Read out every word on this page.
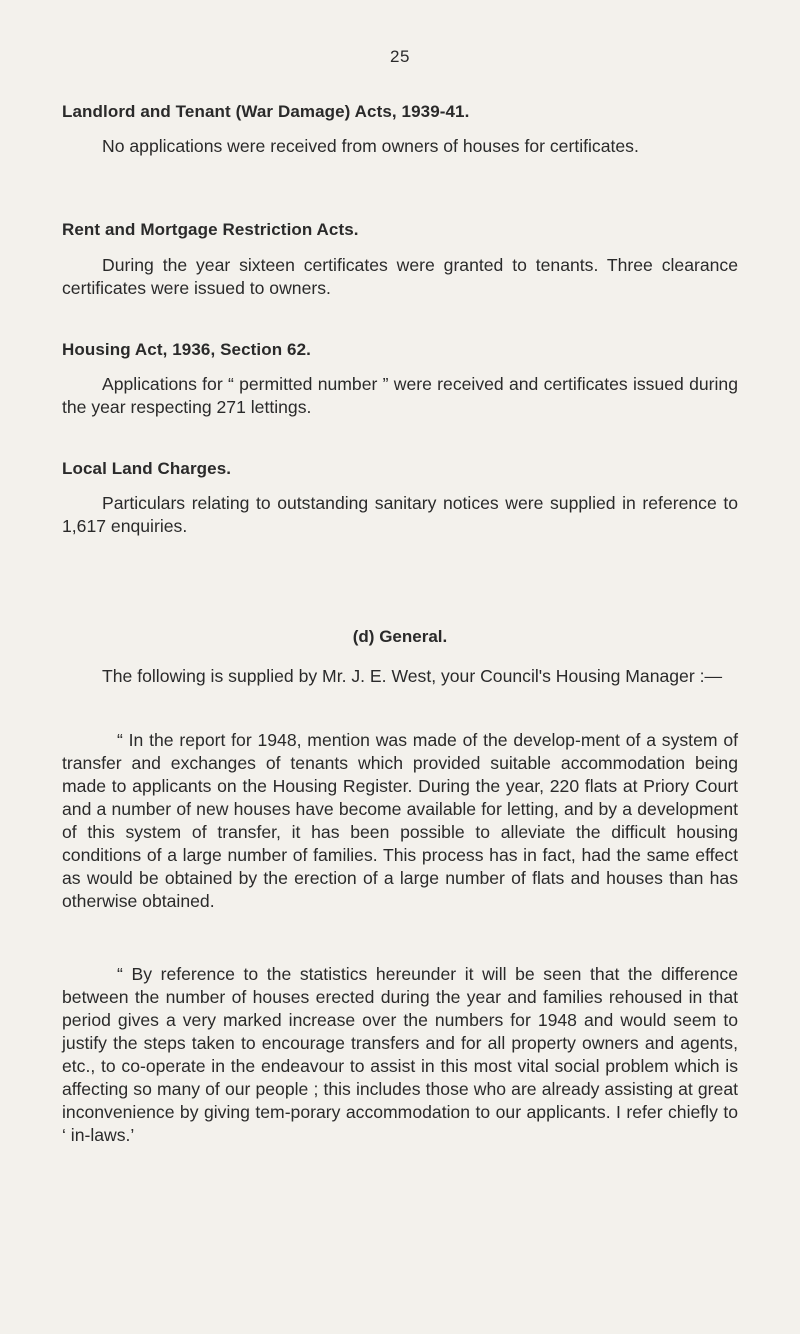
25
Landlord and Tenant (War Damage) Acts, 1939-41.

No applications were received from owners of houses for certificates.

Rent and Mortgage Restriction Acts.

During the year sixteen certificates were granted to tenants. Three clearance certificates were issued to owners.

Housing Act, 1936, Section 62.

Applications for “ permitted number ” were received and certificates issued during the year respecting 271 lettings.

Local Land Charges.

Particulars relating to outstanding sanitary notices were supplied in reference to 1,617 enquiries.

(d) General.

The following is supplied by Mr. J. E. West, your Council's Housing Manager :—

“ In the report for 1948, mention was made of the develop-ment of a system of transfer and exchanges of tenants which provided suitable accommodation being made to applicants on the Housing Register. During the year, 220 flats at Priory Court and a number of new houses have become available for letting, and by a development of this system of transfer, it has been possible to alleviate the difficult housing conditions of a large number of families. This process has in fact, had the same effect as would be obtained by the erection of a large number of flats and houses than has otherwise obtained.

“ By reference to the statistics hereunder it will be seen that the difference between the number of houses erected during the year and families rehoused in that period gives a very marked increase over the numbers for 1948 and would seem to justify the steps taken to encourage transfers and for all property owners and agents, etc., to co-operate in the endeavour to assist in this most vital social problem which is affecting so many of our people ; this includes those who are already assisting at great inconvenience by giving tem-porary accommodation to our applicants. I refer chiefly to ‘ in-laws.’
